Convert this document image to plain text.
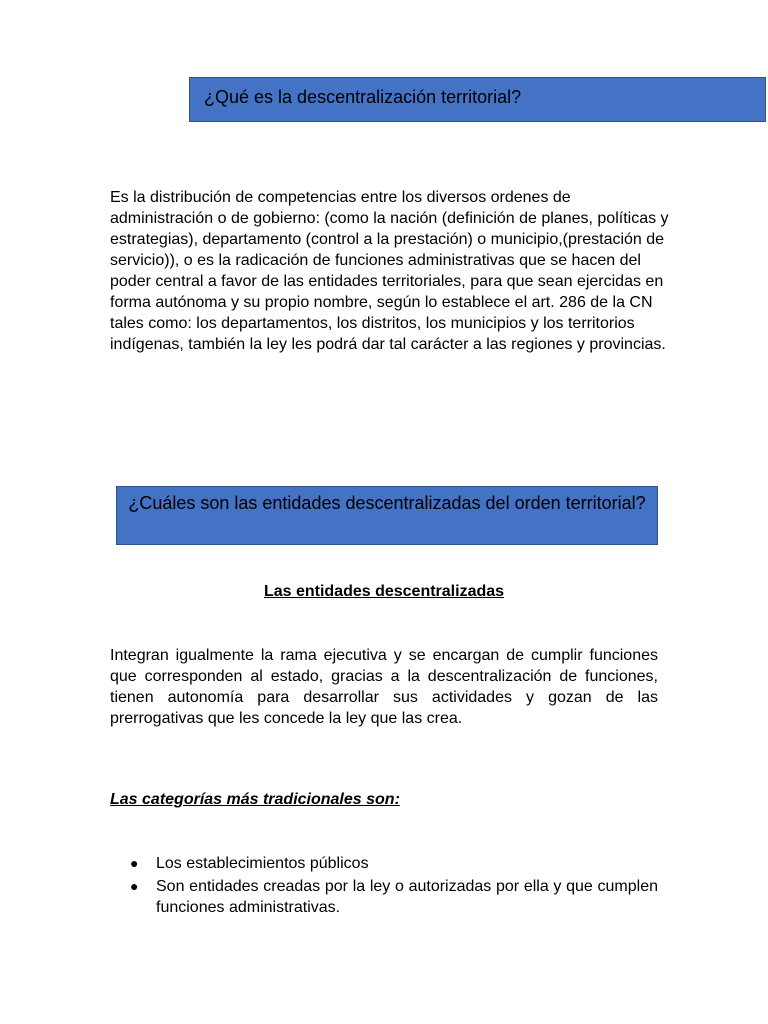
¿Qué es la descentralización territorial?
Es la distribución de competencias entre los diversos ordenes de administración o de gobierno: (como la nación (definición de planes, políticas y estrategias), departamento (control a la prestación) o municipio,(prestación de servicio)), o es la radicación de funciones administrativas que se hacen del poder central a favor de las entidades territoriales, para que sean ejercidas en forma autónoma y su propio nombre, según lo establece el art. 286 de la CN tales como: los departamentos, los distritos, los municipios y los territorios indígenas, también la ley les podrá dar tal carácter a las regiones y provincias.
¿Cuáles son las entidades descentralizadas del orden territorial?
Las entidades descentralizadas
Integran igualmente la rama ejecutiva y se encargan de cumplir funciones que corresponden al estado, gracias a la descentralización de funciones, tienen autonomía para desarrollar sus actividades y gozan de las prerrogativas que les concede la ley que las crea.
Las categorías más tradicionales son:
● Los establecimientos públicos
● Son entidades creadas por la ley o autorizadas por ella y que cumplen funciones administrativas.
